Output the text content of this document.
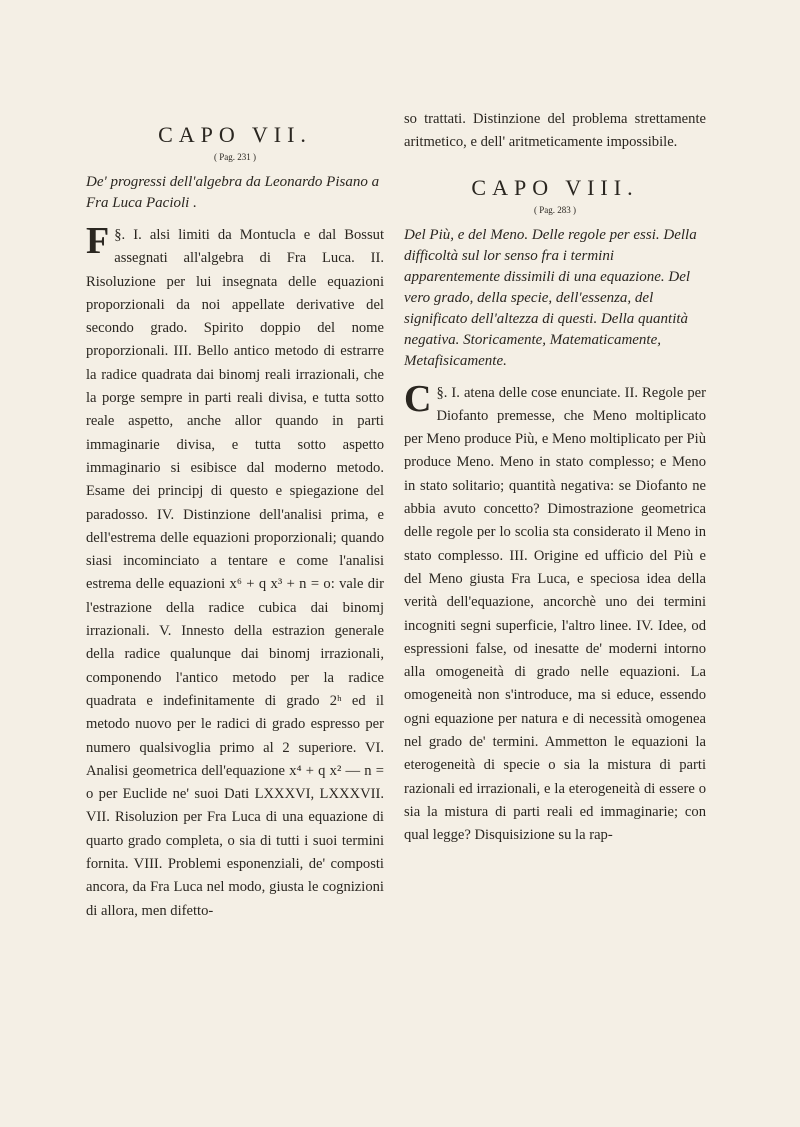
CAPO VII.
( Pag. 231 )
De' progressi dell'algebra da Leonardo Pisano a Fra Luca Pacioli .
§. I.
F	alsi limiti da Montucla e dal Bossut assegnati all'algebra di Fra Luca. II. Risoluzione per lui insegnata delle equazioni proporzionali da noi appellate derivative del secondo grado. Spirito doppio del nome proporzionali. III. Bello antico metodo di estrarre la radice quadrata dai binomj reali irrazionali, che la porge sempre in parti reali divisa, e tutta sotto reale aspetto, anche allor quando in parti immaginarie divisa, e tutta sotto aspetto immaginario si esibisce dal moderno metodo. Esame dei principj di questo e spiegazione del paradosso. IV. Distinzione dell'analisi prima, e dell'estrema delle equazioni proporzionali; quando siasi incominciato a tentare e come l'analisi estrema delle equazioni x⁶ + q x³ + n = o: vale dir l'estrazione della radice cubica dai binomj irrazionali. V. Innesto della estrazion generale della radice qualunque dai binomj irrazionali, componendo l'antico metodo per la radice quadrata e indefinitamente di grado 2ʰ ed il metodo nuovo per le radici di grado espresso per numero qualsivoglia primo al 2 superiore. VI. Analisi geometrica dell'equazione x⁴ + q x² — n = o per Euclide ne' suoi Dati LXXXVI, LXXXVII. VII. Risoluzion per Fra Luca di una equazione di quarto grado completa, o sia di tutti i suoi termini fornita. VIII. Problemi esponenziali, de' composti ancora, da Fra Luca nel modo, giusta le cognizioni di allora, men difetto-
so trattati. Distinzione del problema strettamente aritmetico, e dell' aritmeticamente impossibile.
CAPO VIII.
( Pag. 283 )
Del Più, e del Meno. Delle regole per essi. Della difficoltà sul lor senso fra i termini apparentemente dissimili di una equazione. Del vero grado, della specie, dell'essenza, del significato dell'altezza di questi. Della quantità negativa. Storicamente, Matematicamente, Metafisicamente.
§. I.
C atena delle cose enunciate. II. Regole per Diofanto premesse, che Meno moltiplicato per Meno produce Più, e Meno moltiplicato per Più produce Meno. Meno in stato complesso; e Meno in stato solitario; quantità negativa: se Diofanto ne abbia avuto concetto? Dimostrazione geometrica delle regole per lo scolia sta considerato il Meno in stato complesso. III. Origine ed ufficio del Più e del Meno giusta Fra Luca, e speciosa idea della verità dell'equazione, ancorchè uno dei termini incogniti segni superficie, l'altro linee. IV. Idee, od espressioni false, od inesatte de' moderni intorno alla omogeneità di grado nelle equazioni. La omogeneità non s'introduce, ma si educe, essendo ogni equazione per natura e di necessità omogenea nel grado de' termini. Ammetton le equazioni la eterogeneità di specie o sia la mistura di parti razionali ed irrazionali, e la eterogeneità di essere o sia la mistura di parti reali ed immaginarie; con qual legge? Disquisizione su la rap-
